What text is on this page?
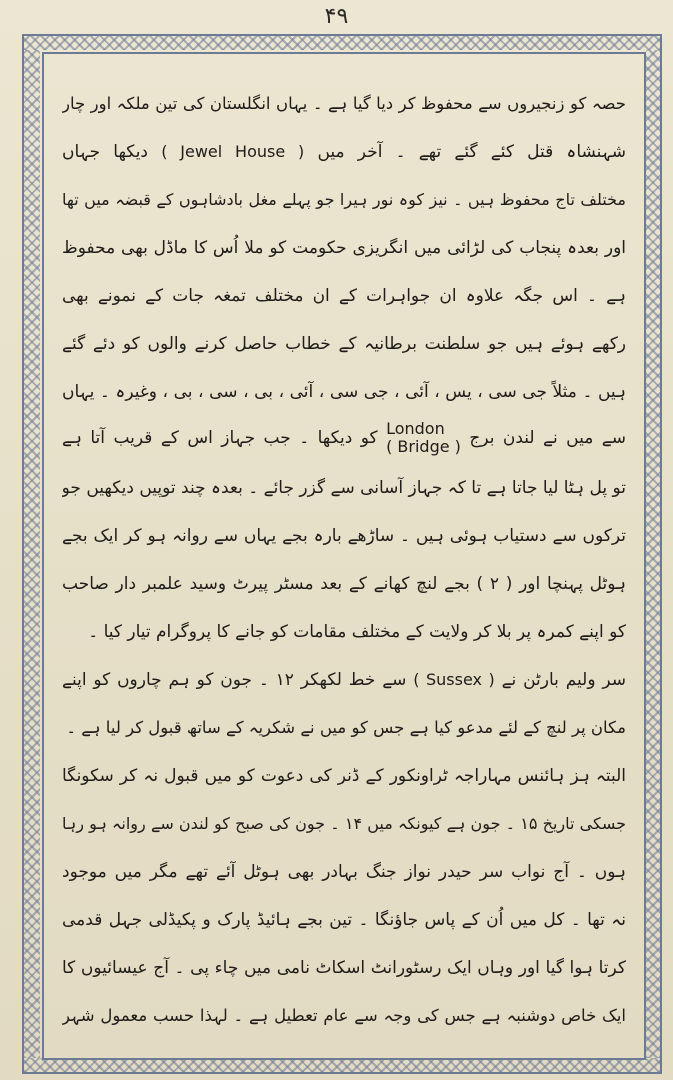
۴۹
حصہ کو زنجیروں سے محفوظ کر دیا گیا ہے ۔ یہاں انگلستان کی تین ملکہ اور چار
شہنشاہ قتل کئے گئے تھے ۔ آخر میں ( Jewel House ) دیکھا جہاں
مختلف تاج محفوظ ہیں ۔ نیز کوہ نور ہیرا جو پہلے مغل بادشاہوں کے قبضہ میں تھا
اور بعدہ پنجاب کی لڑائی میں انگریزی حکومت کو ملا اُس کا ماڈل بھی محفوظ
ہے ۔ اس جگہ علاوہ ان جواہرات کے ان مختلف تمغہ جات کے نمونے بھی
رکھے ہوئے ہیں جو سلطنت برطانیہ کے خطاب حاصل کرنے والوں کو دئے گئے
ہیں ۔ مثلاً جی سی ، یس ، آئی ، جی سی ، آئی ، بی ، سی ، بی ، وغیرہ ۔ یہاں
سے میں نے لندن برج
London
( Bridge )
کو دیکھا ۔ جب جہاز اس کے قریب آتا ہے
تو پل ہٹا لیا جاتا ہے تا کہ جہاز آسانی سے گزر جائے ۔ بعدہ چند توپیں دیکھیں جو
ترکوں سے دستیاب ہوئی ہیں ۔ ساڑھے بارہ بجے یہاں سے روانہ ہو کر ایک بجے
ہوٹل پہنچا اور ( ۲ ) بجے لنچ کھانے کے بعد مسٹر پیرٹ وسید علمبر دار صاحب
کو اپنے کمرہ پر بلا کر ولایت کے مختلف مقامات کو جانے کا پروگرام تیار کیا ۔
سر ولیم بارٹن نے ( Sussex ) سے خط لکھکر ۱۲ ۔ جون کو ہم چاروں کو اپنے
مکان پر لنچ کے لئے مدعو کیا ہے جس کو میں نے شکریہ کے ساتھ قبول کر لیا ہے ۔
البتہ ہز ہائنس مہاراجہ ٹراونکور کے ڈنر کی دعوت کو میں قبول نہ کر سکونگا
جسکی تاریخ ۱۵ ۔ جون ہے کیونکہ میں ۱۴ ۔ جون کی صبح کو لندن سے روانہ ہو رہا
ہوں ۔ آج نواب سر حیدر نواز جنگ بہادر بھی ہوٹل آئے تھے مگر میں موجود
نہ تھا ۔ کل میں اُن کے پاس جاؤنگا ۔ تین بجے ہائیڈ پارک و پکیڈلی جہل قدمی
کرتا ہوا گیا اور وہاں ایک رسٹورانٹ اسکاٹ نامی میں چاء پی ۔ آج عیسائیوں کا
ایک خاص دوشنبہ ہے جس کی وجہ سے عام تعطیل ہے ۔ لہذا حسب معمول شہر
